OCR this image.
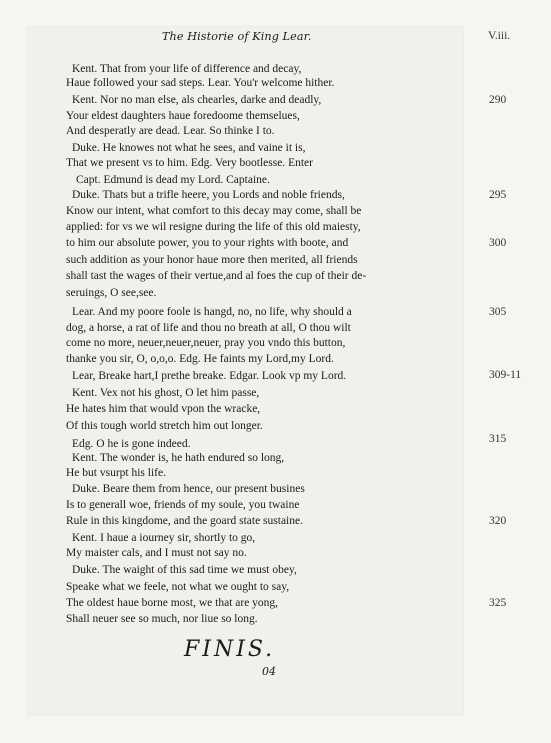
The Historie of King Lear.	V.iii.
Kent. That from your life of difference and decay,
Haue followed your sad steps. Lear. You'r welcome hither.
Kent. Nor no man else, als chearles, darke and deadly,
Your eldest daughters haue foredoome themselues,
And desperatly are dead. Lear. So thinke I to.
Duke. He knowes not what he sees, and vaine it is,
That we present vs to him. Edg. Very bootlesse. Enter
Capt. Edmund is dead my Lord. Captaine.
Duke. Thats but a trifle heere, you Lords and noble friends,
Know our intent, what comfort to this decay may come, shall be
applied: for vs we wil resigne during the life of this old maiesty,
to him our absolute power, you to your rights with boote, and
such addition as your honor haue more then merited, all friends
shall tast the wages of their vertue,and al foes the cup of their de-
seruings, O see,see.
Lear. And my poore foole is hangd, no, no life, why should a
dog, a horse, a rat of life and thou no breath at all, O thou wilt
come no more, neuer,neuer,neuer, pray you vndo this button,
thanke you sir, O, o,o,o. Edg. He faints my Lord,my Lord.
Lear, Breake hart,I prethe breake. Edgar. Look vp my Lord.
Kent. Vex not his ghost, O let him passe,
He hates him that would vpon the wracke,
Of this tough world stretch him out longer.
Edg. O he is gone indeed.
Kent. The wonder is, he hath endured so long,
He but vsurpt his life.
Duke. Beare them from hence, our present busines
Is to generall woe, friends of my soule, you twaine
Rule in this kingdome, and the goard state sustaine.
Kent. I haue a iourney sir, shortly to go,
My maister cals, and I must not say no.
Duke. The waight of this sad time we must obey,
Speake what we feele, not what we ought to say,
The oldest haue borne most, we that are yong,
Shall neuer see so much, nor liue so long.
290
295
300
305
309-11
315
320
325
FINIS.
04
